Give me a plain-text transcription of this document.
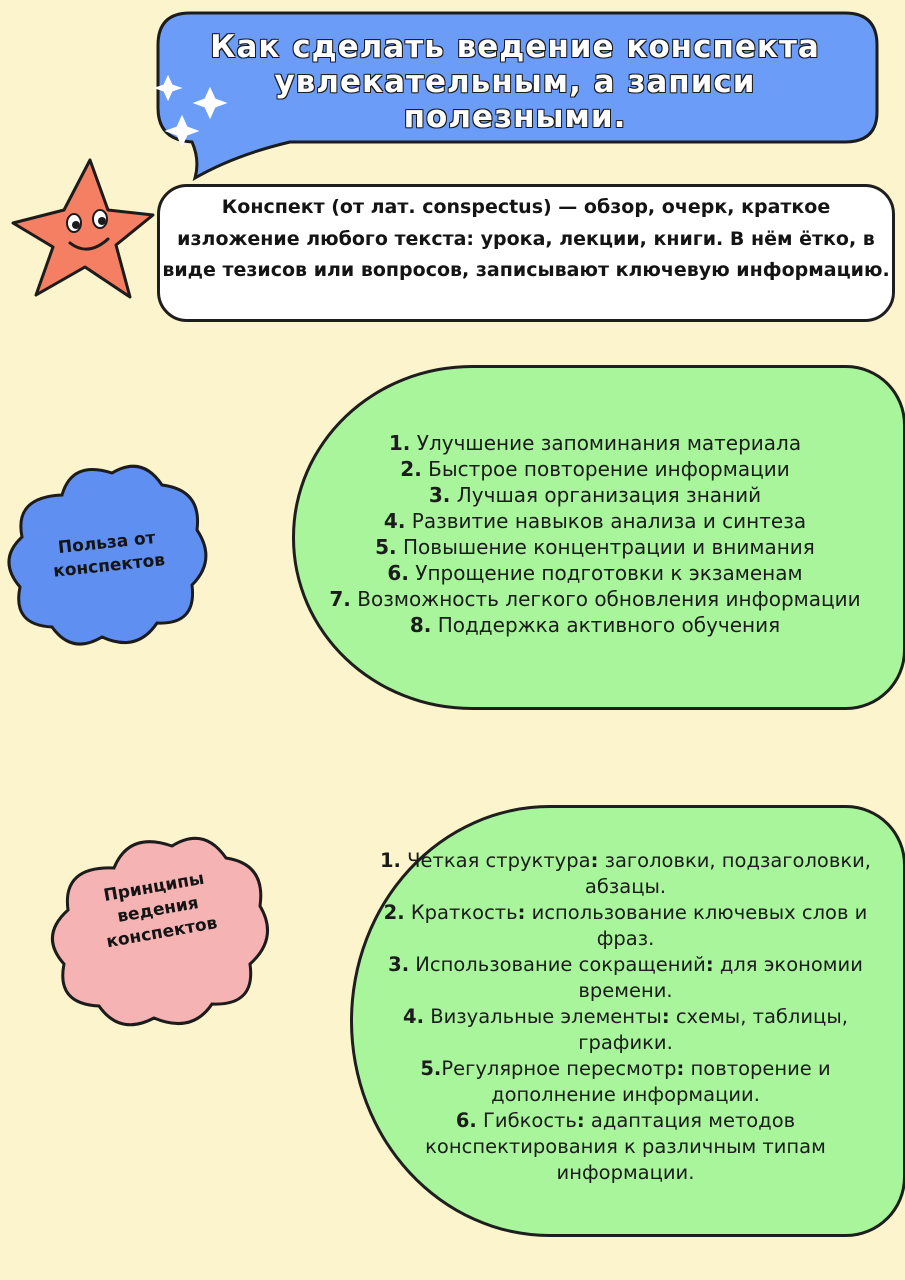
Как сделать ведение конспекта увлекательным, а записи полезными.
Конспект (от лат. conspectus) — обзор, очерк, краткое изложение любого текста: урока, лекции, книги. В нём ётко, в виде тезисов или вопросов, записывают ключевую информацию.
1. Улучшение запоминания материала
2. Быстрое повторение информации
3. Лучшая организация знаний
4. Развитие навыков анализа и синтеза
5. Повышение концентрации и внимания
6. Упрощение подготовки к экзаменам
7. Возможность легкого обновления информации
8. Поддержка активного обучения
Польза от конспектов
1. Четкая структура: заголовки, подзаголовки, абзацы.
2. Краткость: использование ключевых слов и фраз.
3. Использование сокращений: для экономии времени.
4. Визуальные элементы: схемы, таблицы, графики.
5.Регулярное пересмотр: повторение и дополнение информации.
6. Гибкость: адаптация методов конспектирования к различным типам информации.
Принципы ведения конспектов
